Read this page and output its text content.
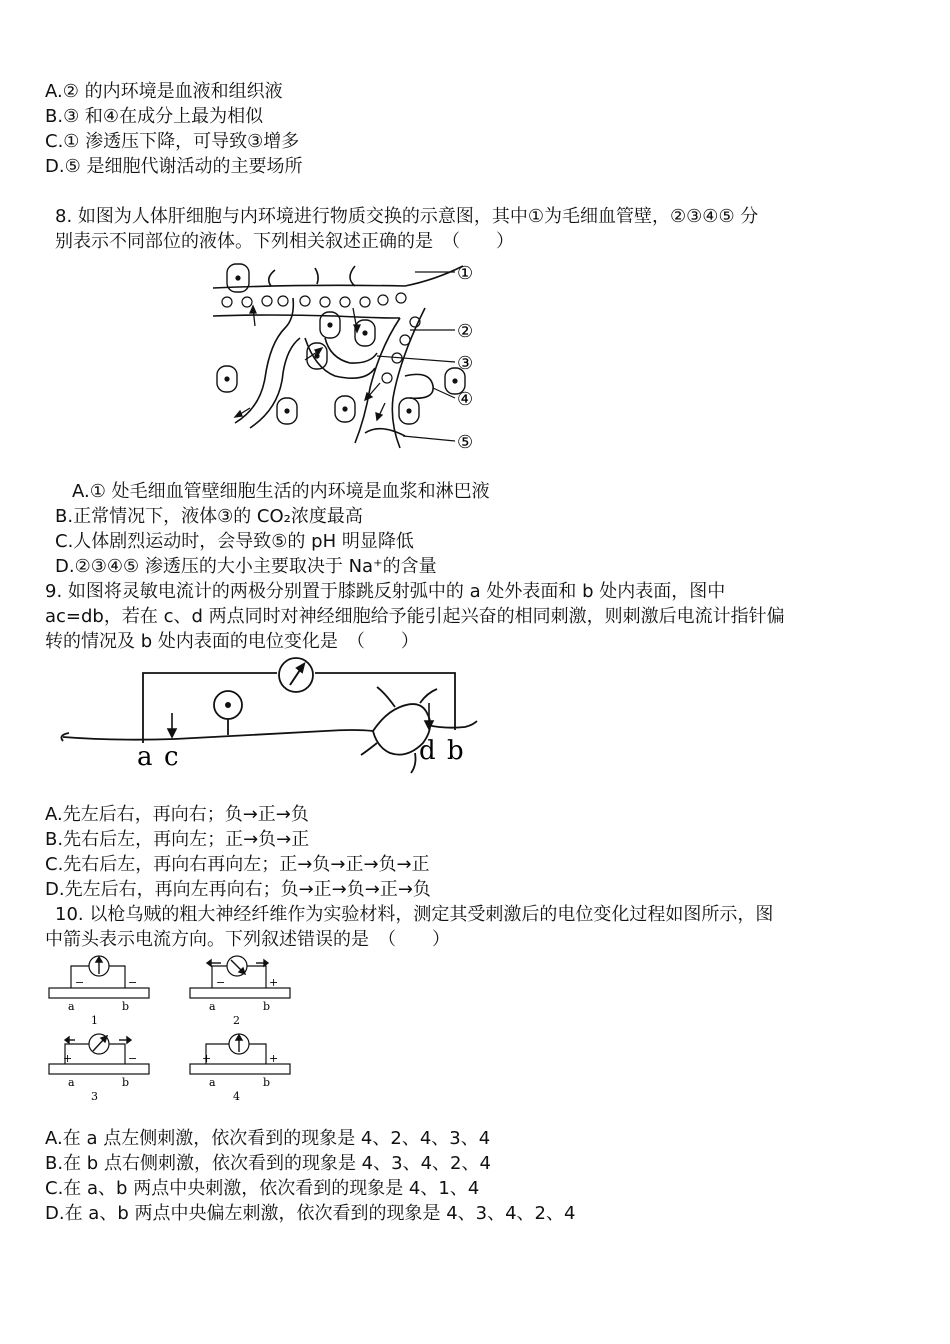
A.② 的内环境是血液和组织液
B.③ 和④在成分上最为相似
C.① 渗透压下降，可导致③增多
D.⑤ 是细胞代谢活动的主要场所
8. 如图为人体肝细胞与内环境进行物质交换的示意图，其中①为毛细血管壁，②③④⑤ 分
别表示不同部位的液体。下列相关叙述正确的是　（　　）
①
②
③
④
⑤
A.① 处毛细血管壁细胞生活的内环境是血浆和淋巴液
B.正常情况下，液体③的 CO₂浓度最高
C.人体剧烈运动时，会导致⑤的 pH 明显降低
D.②③④⑤ 渗透压的大小主要取决于 Na⁺的含量
9. 如图将灵敏电流计的两极分别置于膝跳反射弧中的 a 处外表面和 b 处内表面，图中
ac=db，若在 c、d 两点同时对神经细胞给予能引起兴奋的相同刺激，则刺激后电流计指针偏
转的情况及 b 处内表面的电位变化是　（　　）
a c	d b
A.先左后右，再向右；负→正→负
B.先右后左，再向左；正→负→正
C.先右后左，再向右再向左；正→负→正→负→正
D.先左后右，再向左再向右；负→正→负→正→负
10. 以枪乌贼的粗大神经纤维作为实验材料，测定其受刺激后的电位变化过程如图所示，图
中箭头表示电流方向。下列叙述错误的是　（　　）
−	−
a	b
1
−	+
a	b
2
+	−
a	b
3
+	+
a	b
4
A.在 a 点左侧刺激，依次看到的现象是 4、2、4、3、4
B.在 b 点右侧刺激，依次看到的现象是 4、3、4、2、4
C.在 a、b 两点中央刺激，依次看到的现象是 4、1、4
D.在 a、b 两点中央偏左刺激，依次看到的现象是 4、3、4、2、4
